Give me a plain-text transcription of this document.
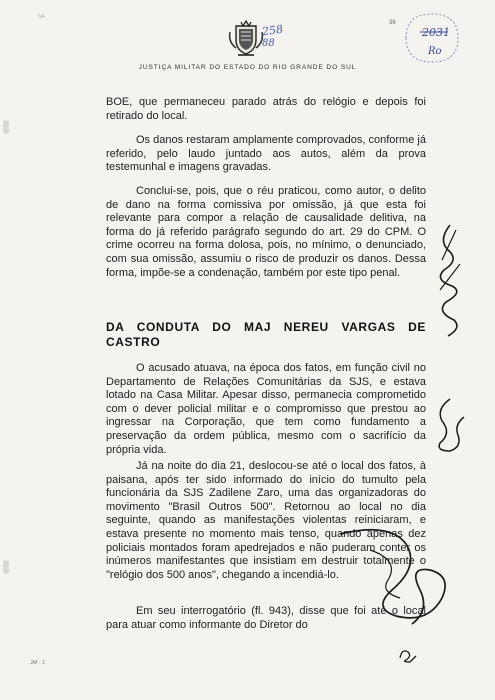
SA
258
88
36
2031
Ro
JUSTIÇA MILITAR DO ESTADO DO RIO GRANDE DO SUL

BOE, que permaneceu parado atrás do relógio e depois foi retirado do local.

Os danos restaram amplamente comprovados, conforme já referido, pelo laudo juntado aos autos, além da prova testemunhal e imagens gravadas.

Conclui-se, pois, que o réu praticou, como autor, o delito de dano na forma comissiva por omissão, já que esta foi relevante para compor a relação de causalidade delitiva, na forma do já referido parágrafo segundo do art. 29 do CPM. O crime ocorreu na forma dolosa, pois, no mínimo, o denunciado, com sua omissão, assumiu o risco de produzir os danos. Dessa forma, impõe-se a condenação, também por este tipo penal.

DA CONDUTA DO MAJ NEREU VARGAS DE CASTRO

O acusado atuava, na época dos fatos, em função civil no Departamento de Relações Comunitárias da SJS, e estava lotado na Casa Militar. Apesar disso, permanecia comprometido com o dever policial militar e o compromisso que prestou ao ingressar na Corporação, que tem como fundamento a preservação da ordem pública, mesmo com o sacrifício da própria vida.

Já na noite do dia 21, deslocou-se até o local dos fatos, à paisana, após ter sido informado do início do tumulto pela funcionária da SJS Zadilene Zaro, uma das organizadoras do movimento "Brasil Outros 500". Retornou ao local no dia seguinte, quando as manifestações violentas reiniciaram, e estava presente no momento mais tenso, quando apenas dez policiais montados foram apedrejados e não puderam conter os inúmeros manifestantes que insistiam em destruir totalmente o "relógio dos 500 anos", chegando a incendiá-lo.

Em seu interrogatório (fl. 943), disse que foi até o local para atuar como informante do Diretor do

JM - 1
